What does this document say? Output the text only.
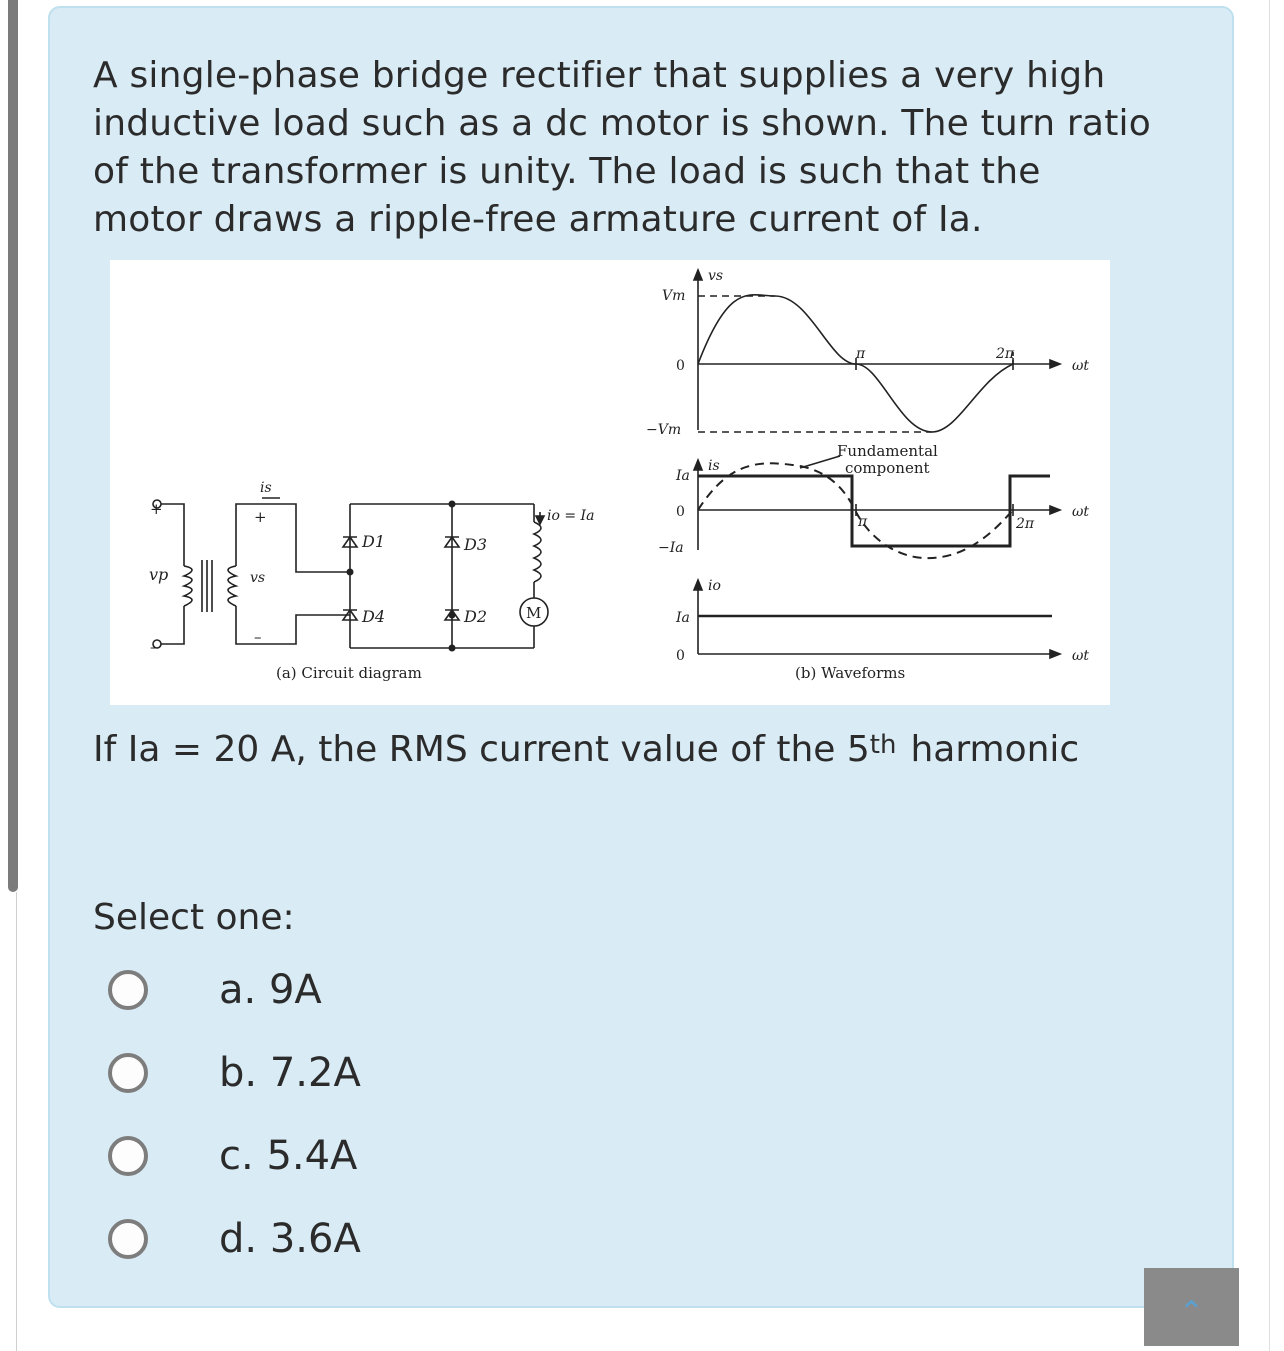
A single-phase bridge rectifier that supplies a very high inductive load such as a dc motor is shown. The turn ratio of the transformer is unity. The load is such that the motor draws a ripple-free armature current of Ia.

vp	vs
is
io = Ia
D1	D3
D4	D2
+
–
+
–
M
(a) Circuit diagram	(b) Waveforms
Fundamental
component
vs
Vm
0
−Vm
π	2π
ωt
is
Ia
0
−Ia
π	2π
ωt
io
Ia
0	ωt
If Ia = 20 A, the RMS current value of the 5th harmonic
Select one:
a. 9A
b. 7.2A
c. 5.4A
d. 3.6A
⌃
